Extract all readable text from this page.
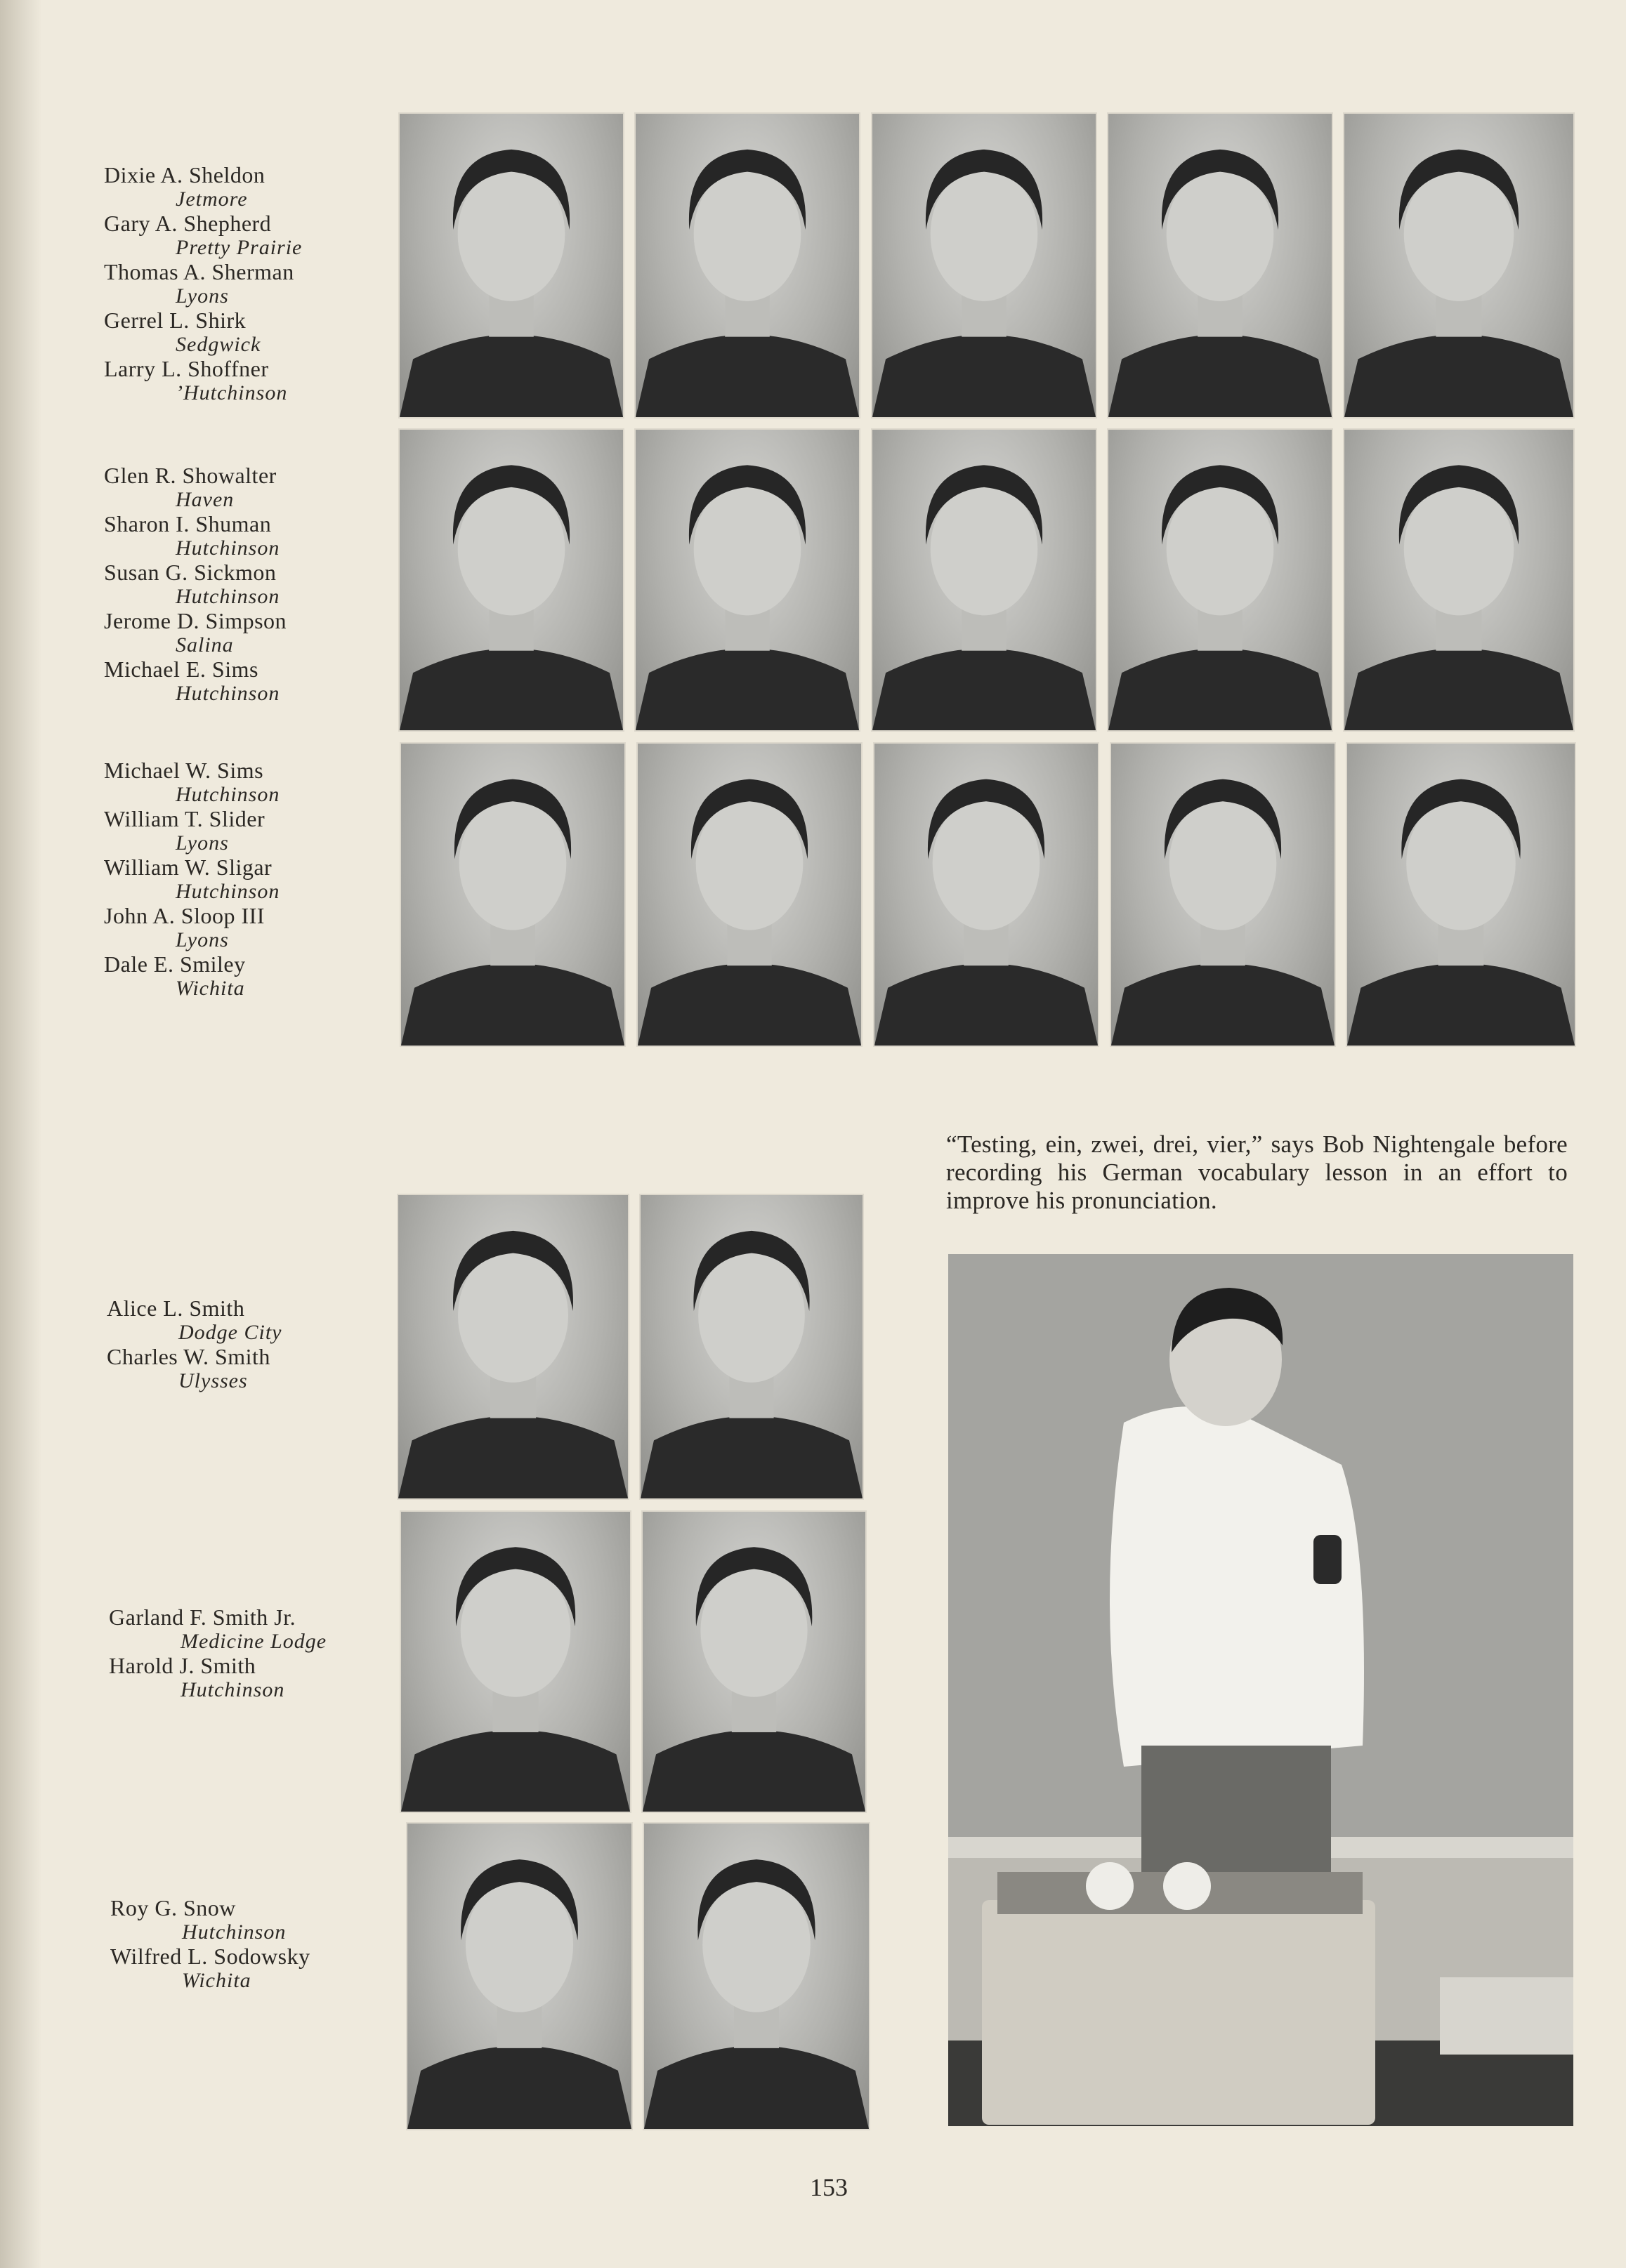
Dixie A. Sheldon
Jetmore
Gary A. Shepherd
Pretty Prairie
Thomas A. Sherman
Lyons
Gerrel L. Shirk
Sedgwick
Larry L. Shoffner
’Hutchinson
Glen R. Showalter
Haven
Sharon I. Shuman
Hutchinson
Susan G. Sickmon
Hutchinson
Jerome D. Simpson
Salina
Michael E. Sims
Hutchinson
Michael W. Sims
Hutchinson
William T. Slider
Lyons
William W. Sligar
Hutchinson
John A. Sloop III
Lyons
Dale E. Smiley
Wichita
Alice L. Smith
Dodge City
Charles W. Smith
Ulysses
Garland F. Smith Jr.
Medicine Lodge
Harold J. Smith
Hutchinson
Roy G. Snow
Hutchinson
Wilfred L. Sodowsky
Wichita
“Testing, ein, zwei, drei, vier,” says Bob Nightengale before recording his German vocabulary lesson in an effort to improve his pronunciation.
153
